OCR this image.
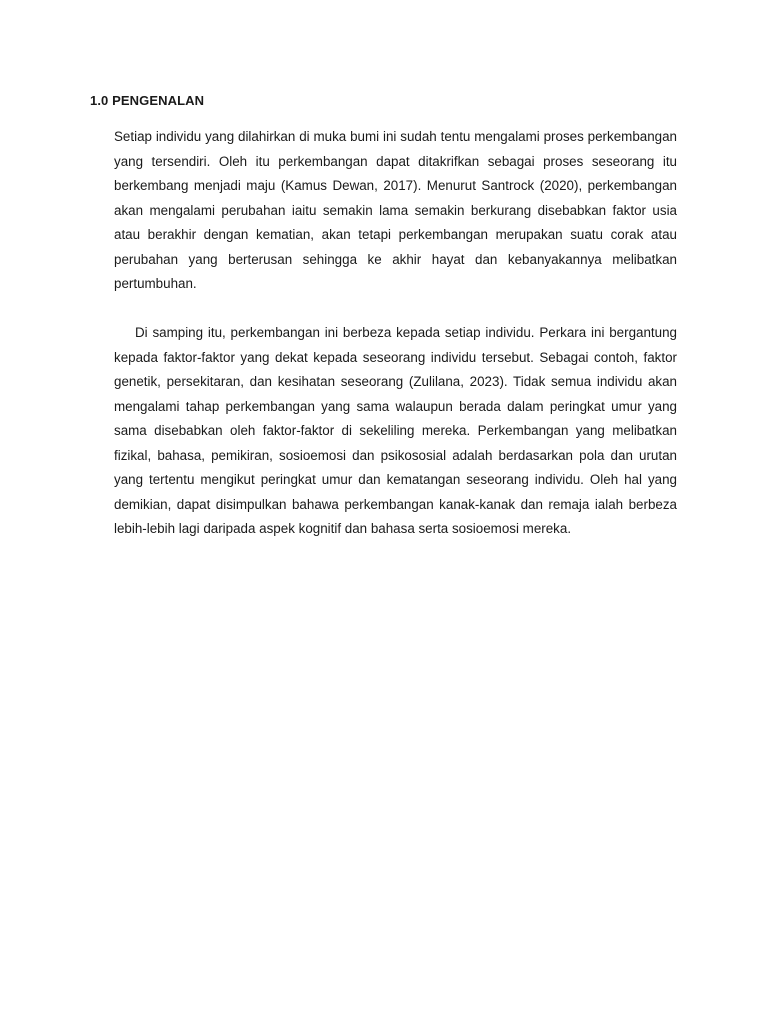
1.0 PENGENALAN

Setiap individu yang dilahirkan di muka bumi ini sudah tentu mengalami proses perkembangan yang tersendiri. Oleh itu perkembangan dapat ditakrifkan sebagai proses seseorang itu berkembang menjadi maju (Kamus Dewan, 2017). Menurut Santrock (2020), perkembangan akan mengalami perubahan iaitu semakin lama semakin berkurang disebabkan faktor usia atau berakhir dengan kematian, akan tetapi perkembangan merupakan suatu corak atau perubahan yang berterusan sehingga ke akhir hayat dan kebanyakannya melibatkan pertumbuhan.

Di samping itu, perkembangan ini berbeza kepada setiap individu. Perkara ini bergantung kepada faktor-faktor yang dekat kepada seseorang individu tersebut. Sebagai contoh, faktor genetik, persekitaran, dan kesihatan seseorang (Zulilana, 2023). Tidak semua individu akan mengalami tahap perkembangan yang sama walaupun berada dalam peringkat umur yang sama disebabkan oleh faktor-faktor di sekeliling mereka. Perkembangan yang melibatkan fizikal, bahasa, pemikiran, sosioemosi dan psikososial adalah berdasarkan pola dan urutan yang tertentu mengikut peringkat umur dan kematangan seseorang individu. Oleh hal yang demikian, dapat disimpulkan bahawa perkembangan kanak-kanak dan remaja ialah berbeza lebih-lebih lagi daripada aspek kognitif dan bahasa serta sosioemosi mereka.
